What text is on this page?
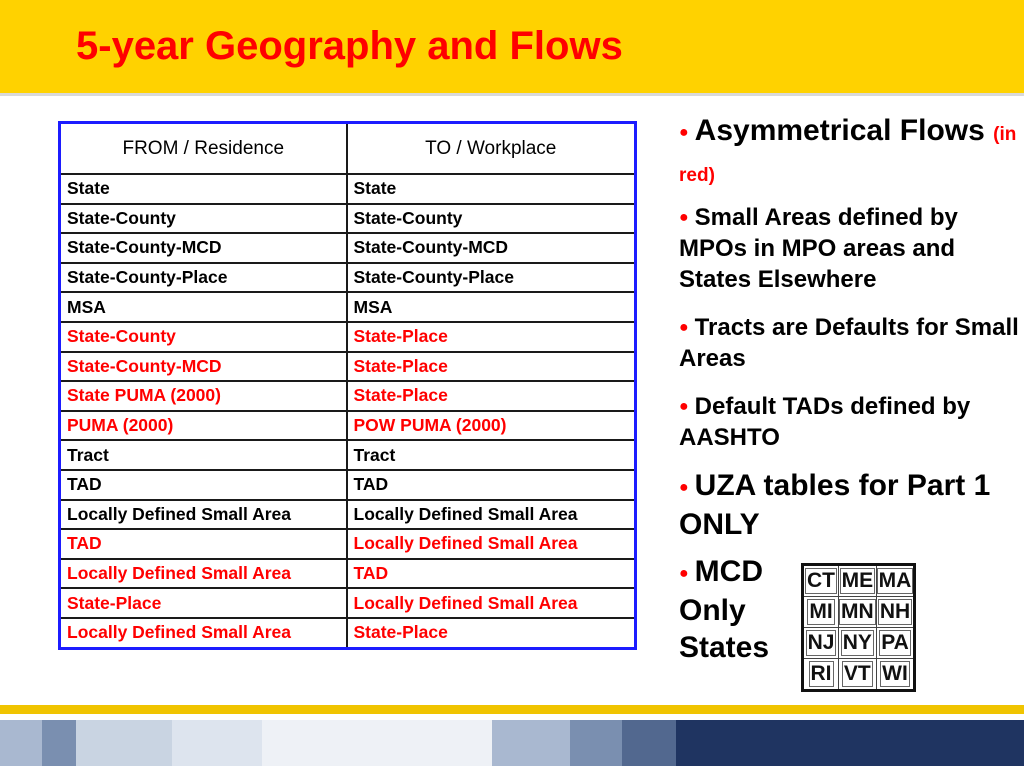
5-year Geography and Flows
FROM / Residence	TO / Workplace
State	State
State-County	State-County
State-County-MCD	State-County-MCD
State-County-Place	State-County-Place
MSA	MSA
State-County	State-Place
State-County-MCD	State-Place
State PUMA (2000)	State-Place
PUMA (2000)	POW PUMA (2000)
Tract	Tract
TAD	TAD
Locally Defined Small Area	Locally Defined Small Area
TAD	Locally Defined Small Area
Locally Defined Small Area	TAD
State-Place	Locally Defined Small Area
Locally Defined Small Area	State-Place

● Asymmetrical Flows (in red)

● Small Areas defined by MPOs in MPO areas and States Elsewhere

● Tracts are Defaults for Small Areas

● Default TADs defined by AASHTO

● UZA tables for Part 1 ONLY

● MCD
Only
States

CT	ME	MA
MI	MN	NH
NJ	NY	PA
RI	VT	WI
